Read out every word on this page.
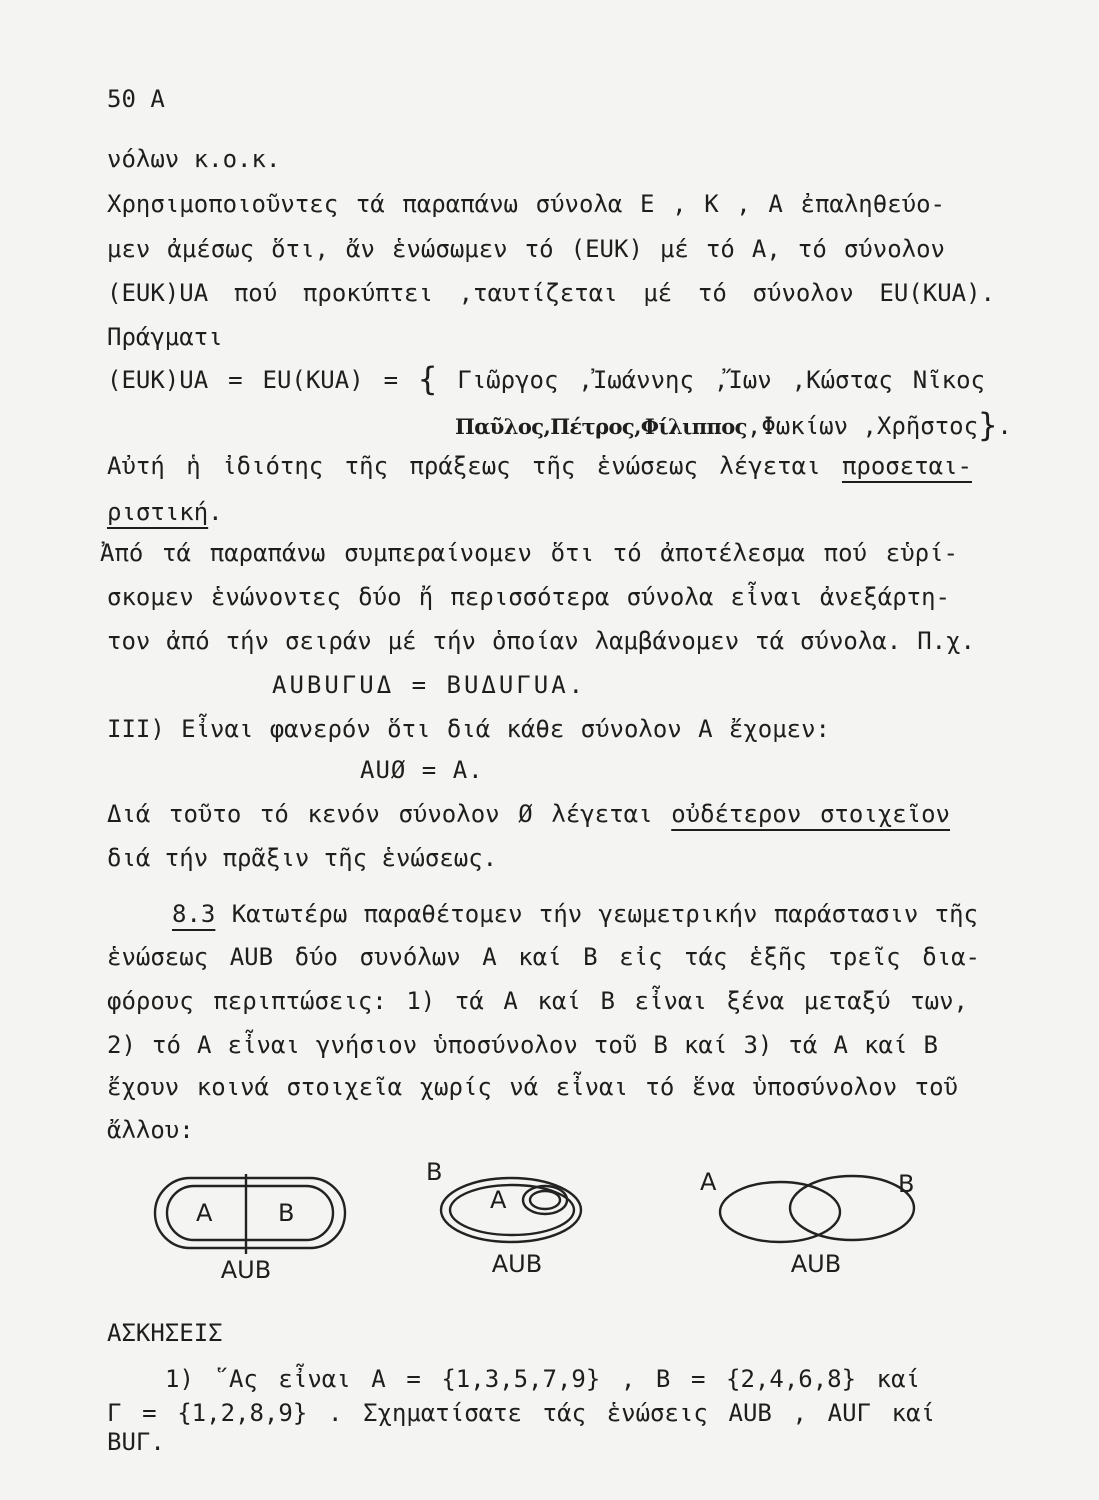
50 Α
νόλων κ.ο.κ.
Χρησιμοποιοῦντες τά παραπάνω σύνολα Ε , Κ , Α ἐπαληθεύο-
μεν ἀμέσως ὅτι, ἄν ἑνώσωμεν τό (ΕUΚ) μέ τό Α, τό σύνολον
(ΕUΚ)UΑ πού προκύπτει ,ταυτίζεται μέ τό σύνολον ΕU(ΚUΑ).
Πράγματι
(ΕUΚ)UΑ = ΕU(ΚUΑ) = { Γιῶργος ,Ἰωάννης ,Ἴων ,Κώστας Νῖκος
Παῦλος,Πέτρος,Φίλιππος,Φωκίων ,Χρῆστος}.
Αὐτή ἡ ἰδιότης τῆς πράξεως τῆς ἑνώσεως λέγεται προσεται-
ριστική.
Ἀπό τά παραπάνω συμπεραίνομεν ὅτι τό ἀποτέλεσμα πού εὑρί-
σκομεν ἑνώνοντες δύο ἤ περισσότερα σύνολα εἶναι ἀνεξάρτη-
τον ἀπό τήν σειράν μέ τήν ὁποίαν λαμβάνομεν τά σύνολα. Π.χ.
ΑUΒUΓUΔ = ΒUΔUΓUΑ.
ΙΙΙ) Εἶναι φανερόν ὅτι διά κάθε σύνολον Α ἔχομεν:
ΑUØ = Α.
Διά τοῦτο τό κενόν σύνολον Ø λέγεται οὐδέτερον στοιχεῖον
διά τήν πρᾶξιν τῆς ἑνώσεως.
8.3 Κατωτέρω παραθέτομεν τήν γεωμετρικήν παράστασιν τῆς
ἑνώσεως ΑUΒ δύο συνόλων Α καί Β εἰς τάς ἑξῆς τρεῖς δια-
φόρους περιπτώσεις: 1) τά Α καί Β εἶναι ξένα μεταξύ των,
2) τό Α εἶναι γνήσιον ὑποσύνολον τοῦ Β καί 3) τά Α καί Β
ἔχουν κοινά στοιχεῖα χωρίς νά εἶναι τό ἕνα ὑποσύνολον τοῦ
ἄλλου:
Α	Β
ΑUΒ
Β
Α
ΑUΒ
Α	Β
ΑUΒ
ΑΣΚΗΣΕΙΣ
1) ῞Ας εἶναι Α = {1,3,5,7,9} , Β = {2,4,6,8} καί
Γ = {1,2,8,9} . Σχηματίσατε τάς ἑνώσεις ΑUΒ , ΑUΓ καί
ΒUΓ.
